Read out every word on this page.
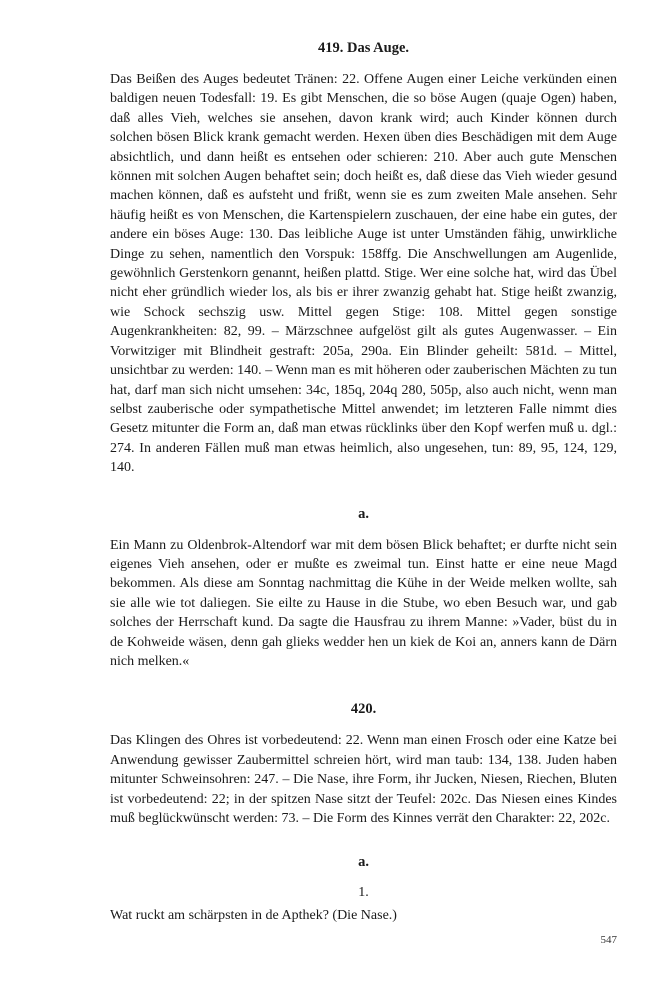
419. Das Auge.

Das Beißen des Auges bedeutet Tränen: 22. Offene Augen einer Leiche verkünden einen baldigen neuen Todesfall: 19. Es gibt Menschen, die so böse Augen (quaje Ogen) haben, daß alles Vieh, welches sie ansehen, davon krank wird; auch Kinder können durch solchen bösen Blick krank gemacht werden. Hexen üben dies Beschädigen mit dem Auge absichtlich, und dann heißt es entsehen oder schieren: 210. Aber auch gute Menschen können mit solchen Augen behaftet sein; doch heißt es, daß diese das Vieh wieder gesund machen können, daß es aufsteht und frißt, wenn sie es zum zweiten Male ansehen. Sehr häufig heißt es von Menschen, die Kartenspielern zuschauen, der eine habe ein gutes, der andere ein böses Auge: 130. Das leibliche Auge ist unter Umständen fähig, unwirkliche Dinge zu sehen, namentlich den Vorspuk: 158ffg. Die Anschwellungen am Augenlide, gewöhnlich Gerstenkorn genannt, heißen plattd. Stige. Wer eine solche hat, wird das Übel nicht eher gründlich wieder los, als bis er ihrer zwanzig gehabt hat. Stige heißt zwanzig, wie Schock sechszig usw. Mittel gegen Stige: 108. Mittel gegen sonstige Augenkrankheiten: 82, 99. – Märzschnee aufgelöst gilt als gutes Augenwasser. – Ein Vorwitziger mit Blindheit gestraft: 205a, 290a. Ein Blinder geheilt: 581d. – Mittel, unsichtbar zu werden: 140. – Wenn man es mit höheren oder zauberischen Mächten zu tun hat, darf man sich nicht umsehen: 34c, 185q, 204q 280, 505p, also auch nicht, wenn man selbst zauberische oder sympathetische Mittel anwendet; im letzteren Falle nimmt dies Gesetz mitunter die Form an, daß man etwas rücklinks über den Kopf werfen muß u. dgl.: 274. In anderen Fällen muß man etwas heimlich, also ungesehen, tun: 89, 95, 124, 129, 140.

a.

Ein Mann zu Oldenbrok-Altendorf war mit dem bösen Blick behaftet; er durfte nicht sein eigenes Vieh ansehen, oder er mußte es zweimal tun. Einst hatte er eine neue Magd bekommen. Als diese am Sonntag nachmittag die Kühe in der Weide melken wollte, sah sie alle wie tot daliegen. Sie eilte zu Hause in die Stube, wo eben Besuch war, und gab solches der Herrschaft kund. Da sagte die Hausfrau zu ihrem Manne: »Vader, büst du in de Kohweide wäsen, denn gah glieks wedder hen un kiek de Koi an, anners kann de Därn nich melken.«

420.

Das Klingen des Ohres ist vorbedeutend: 22. Wenn man einen Frosch oder eine Katze bei Anwendung gewisser Zaubermittel schreien hört, wird man taub: 134, 138. Juden haben mitunter Schweinsohren: 247. – Die Nase, ihre Form, ihr Jucken, Niesen, Riechen, Bluten ist vorbedeutend: 22; in der spitzen Nase sitzt der Teufel: 202c. Das Niesen eines Kindes muß beglückwünscht werden: 73. – Die Form des Kinnes verrät den Charakter: 22, 202c.

a.
1.

Wat ruckt am schärpsten in de Apthek? (Die Nase.)

547
